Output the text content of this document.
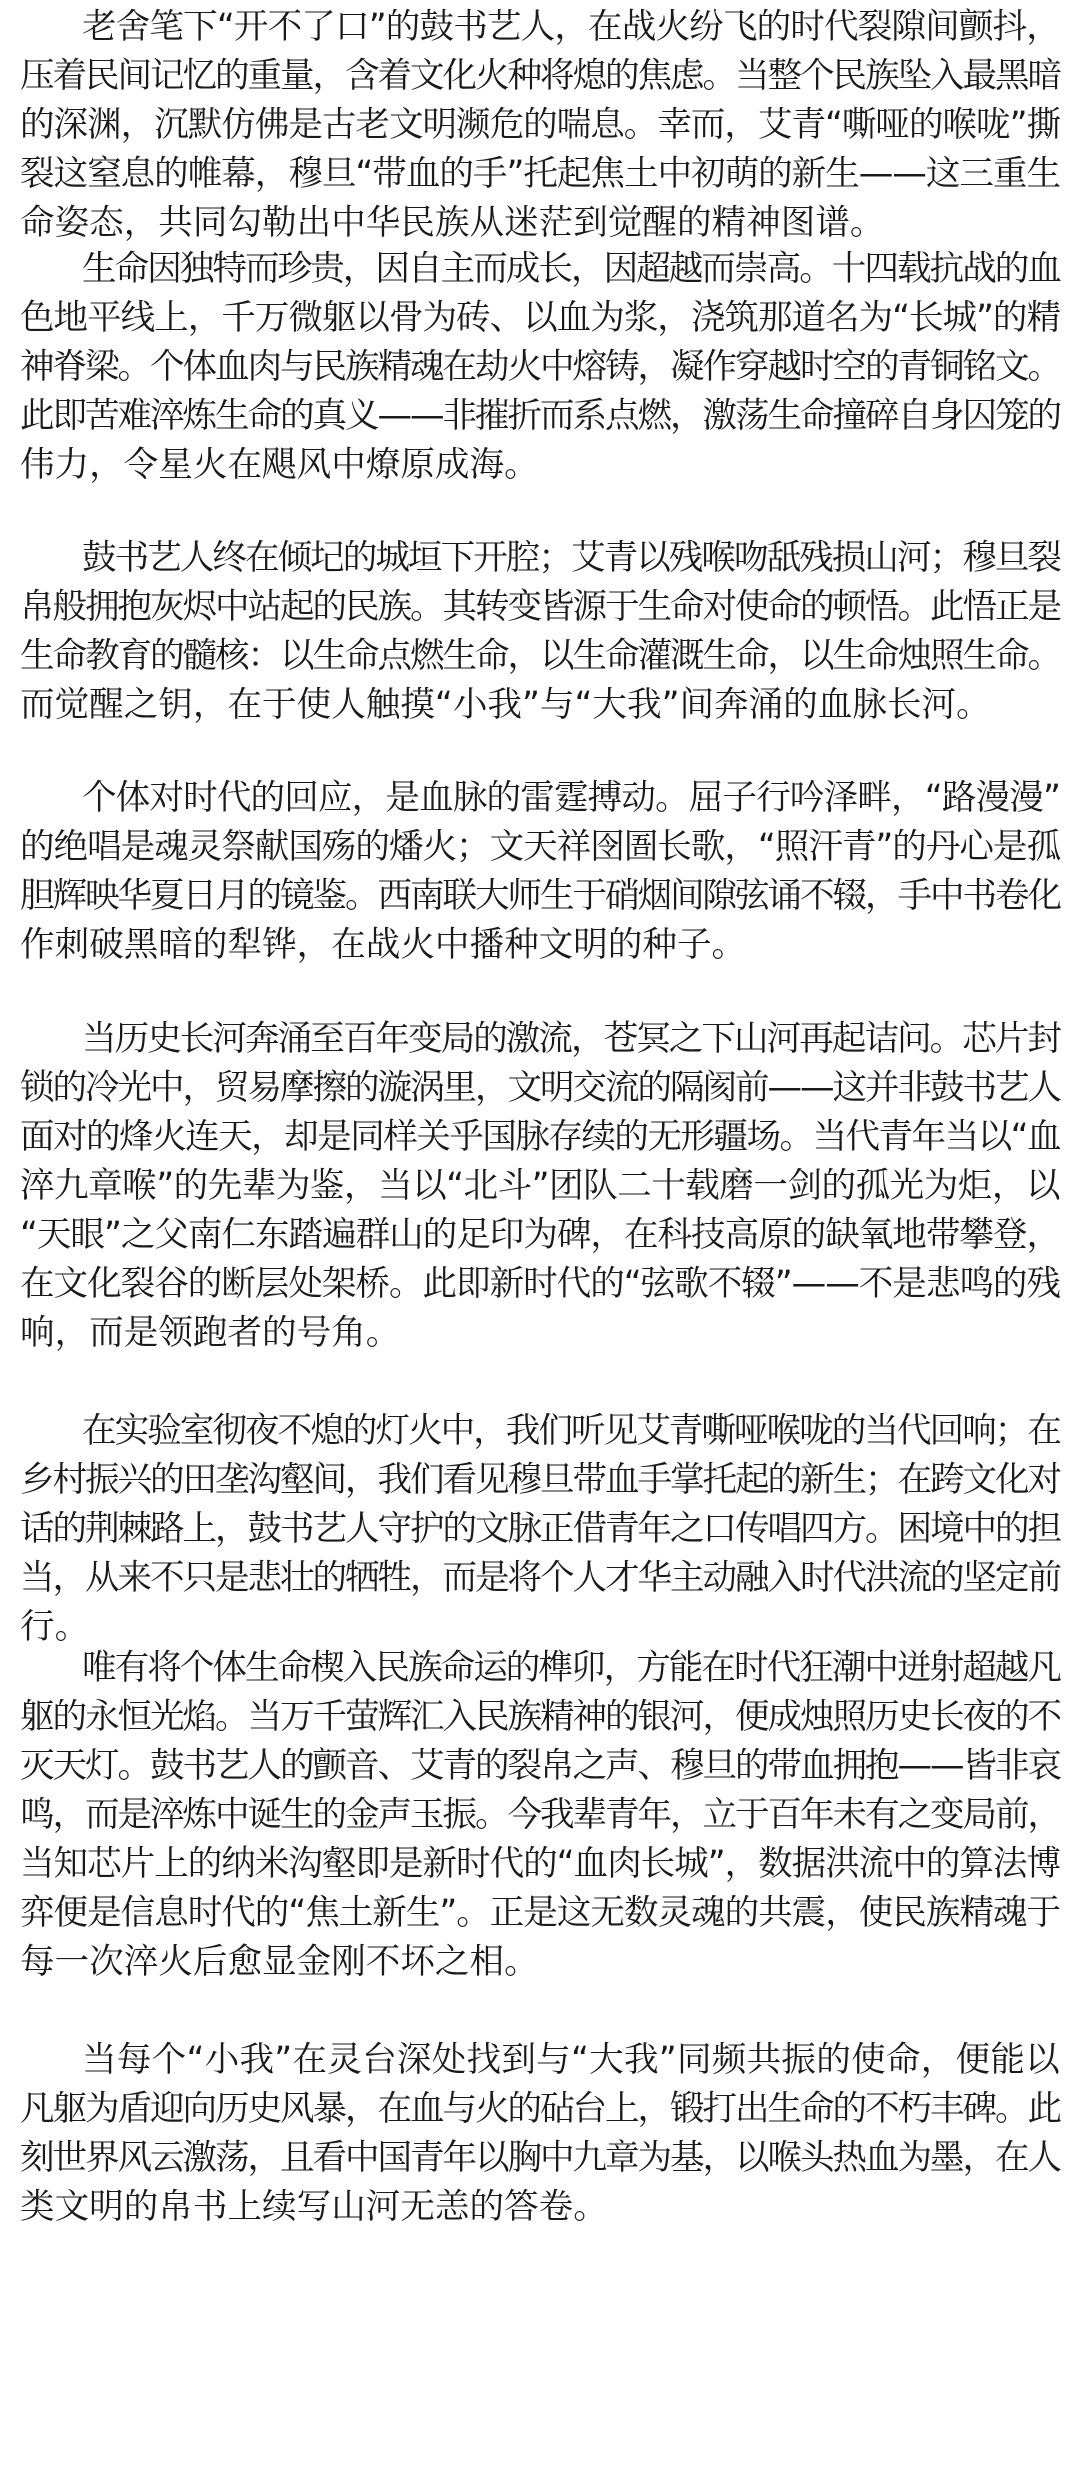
老舍笔下“开不了口”的鼓书艺人，在战火纷飞的时代裂隙间颤抖，
压着民间记忆的重量，含着文化火种将熄的焦虑。当整个民族坠入最黑暗
的深渊，沉默仿佛是古老文明濒危的喘息。幸而，艾青“嘶哑的喉咙”撕
裂这窒息的帷幕，穆旦“带血的手”托起焦土中初萌的新生——这三重生
命姿态，共同勾勒出中华民族从迷茫到觉醒的精神图谱。
生命因独特而珍贵，因自主而成长，因超越而崇高。十四载抗战的血
色地平线上，千万微躯以骨为砖、以血为浆，浇筑那道名为“长城”的精
神脊梁。个体血肉与民族精魂在劫火中熔铸，凝作穿越时空的青铜铭文。
此即苦难淬炼生命的真义——非摧折而系点燃，激荡生命撞碎自身囚笼的
伟力，令星火在飓风中燎原成海。
鼓书艺人终在倾圮的城垣下开腔；艾青以残喉吻舐残损山河；穆旦裂
帛般拥抱灰烬中站起的民族。其转变皆源于生命对使命的顿悟。此悟正是
生命教育的髓核：以生命点燃生命，以生命灌溉生命，以生命烛照生命。
而觉醒之钥，在于使人触摸“小我”与“大我”间奔涌的血脉长河。
个体对时代的回应，是血脉的雷霆搏动。屈子行吟泽畔，“路漫漫”
的绝唱是魂灵祭献国殇的燔火；文天祥囹圄长歌，“照汗青”的丹心是孤
胆辉映华夏日月的镜鉴。西南联大师生于硝烟间隙弦诵不辍，手中书卷化
作刺破黑暗的犁铧，在战火中播种文明的种子。
当历史长河奔涌至百年变局的激流，苍冥之下山河再起诘问。芯片封
锁的冷光中，贸易摩擦的漩涡里，文明交流的隔阂前——这并非鼓书艺人
面对的烽火连天，却是同样关乎国脉存续的无形疆场。当代青年当以“血
淬九章喉”的先辈为鉴，当以“北斗”团队二十载磨一剑的孤光为炬，以
“天眼”之父南仁东踏遍群山的足印为碑，在科技高原的缺氧地带攀登，
在文化裂谷的断层处架桥。此即新时代的“弦歌不辍”——不是悲鸣的残
响，而是领跑者的号角。
在实验室彻夜不熄的灯火中，我们听见艾青嘶哑喉咙的当代回响；在
乡村振兴的田垄沟壑间，我们看见穆旦带血手掌托起的新生；在跨文化对
话的荆棘路上，鼓书艺人守护的文脉正借青年之口传唱四方。困境中的担
当，从来不只是悲壮的牺牲，而是将个人才华主动融入时代洪流的坚定前
行。
唯有将个体生命楔入民族命运的榫卯，方能在时代狂潮中迸射超越凡
躯的永恒光焰。当万千萤辉汇入民族精神的银河，便成烛照历史长夜的不
灭天灯。鼓书艺人的颤音、艾青的裂帛之声、穆旦的带血拥抱——皆非哀
鸣，而是淬炼中诞生的金声玉振。今我辈青年，立于百年未有之变局前，
当知芯片上的纳米沟壑即是新时代的“血肉长城”，数据洪流中的算法博
弈便是信息时代的“焦土新生”。正是这无数灵魂的共震，使民族精魂于
每一次淬火后愈显金刚不坏之相。
当每个“小我”在灵台深处找到与“大我”同频共振的使命，便能以
凡躯为盾迎向历史风暴，在血与火的砧台上，锻打出生命的不朽丰碑。此
刻世界风云激荡，且看中国青年以胸中九章为基，以喉头热血为墨，在人
类文明的帛书上续写山河无恙的答卷。
